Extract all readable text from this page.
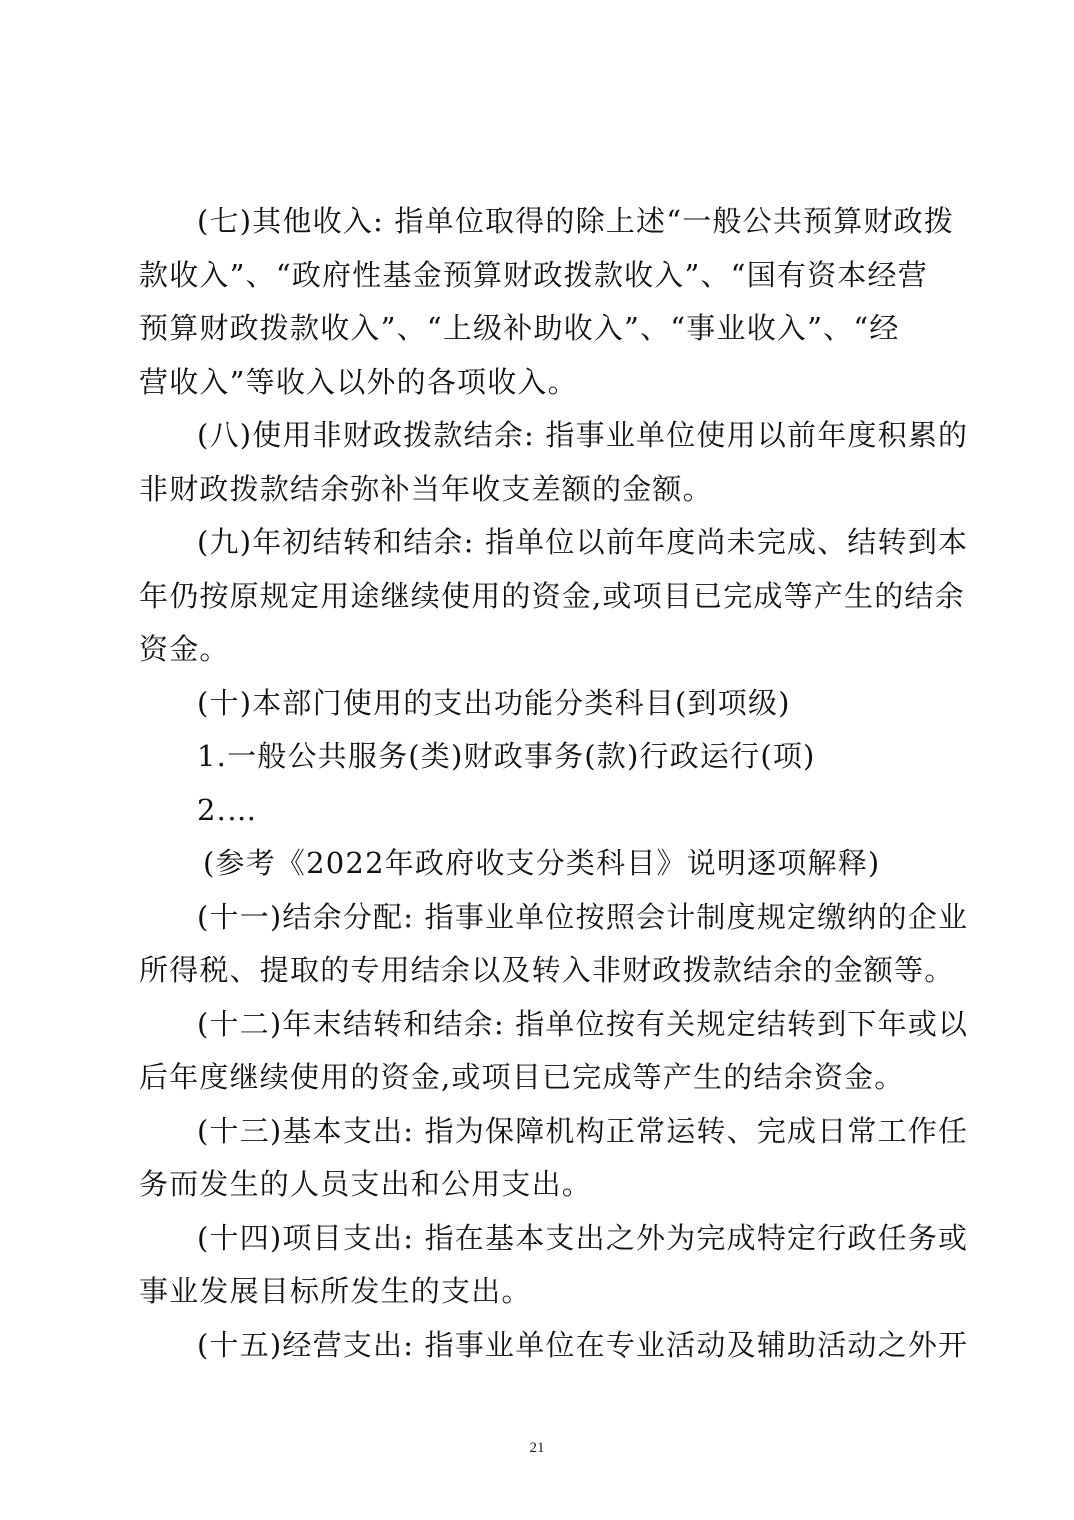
(七)其他收入: 指单位取得的除上述“一般公共预算财政拨
款收入”、“政府性基金预算财政拨款收入”、“国有资本经营
预算财政拨款收入”、“上级补助收入”、“事业收入”、“经
营收入”等收入以外的各项收入。
(八)使用非财政拨款结余: 指事业单位使用以前年度积累的
非财政拨款结余弥补当年收支差额的金额。
(九)年初结转和结余: 指单位以前年度尚未完成、结转到本
年仍按原规定用途继续使用的资金,或项目已完成等产生的结余
资金。
(十)本部门使用的支出功能分类科目(到项级)
1.一般公共服务(类)财政事务(款)行政运行(项)
2.…
(参考《2022年政府收支分类科目》说明逐项解释)
(十一)结余分配: 指事业单位按照会计制度规定缴纳的企业
所得税、提取的专用结余以及转入非财政拨款结余的金额等。
(十二)年末结转和结余: 指单位按有关规定结转到下年或以
后年度继续使用的资金,或项目已完成等产生的结余资金。
(十三)基本支出: 指为保障机构正常运转、完成日常工作任
务而发生的人员支出和公用支出。
(十四)项目支出: 指在基本支出之外为完成特定行政任务或
事业发展目标所发生的支出。
(十五)经营支出: 指事业单位在专业活动及辅助活动之外开
21
